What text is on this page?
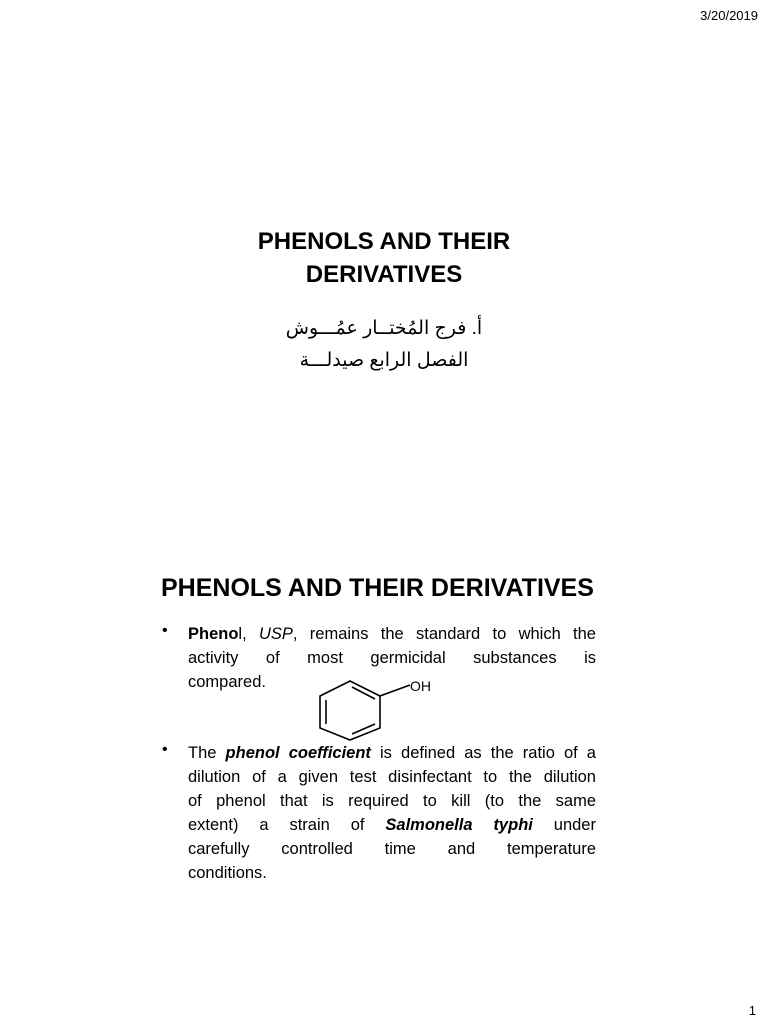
3/20/2019
PHENOLS AND THEIR
DERIVATIVES
أ. فرج المُختــار عمُـــوش
الفصل الرابع صيدلـــة
PHENOLS AND THEIR DERIVATIVES
• Phenol, USP, remains the standard to which the
activity of most germicidal substances is
compared.	OH
• The phenol coefficient is defined as the ratio of a
dilution of a given test disinfectant to the dilution
of phenol that is required to kill (to the same
extent) a strain of Salmonella typhi under
carefully controlled time and temperature
conditions.
1
